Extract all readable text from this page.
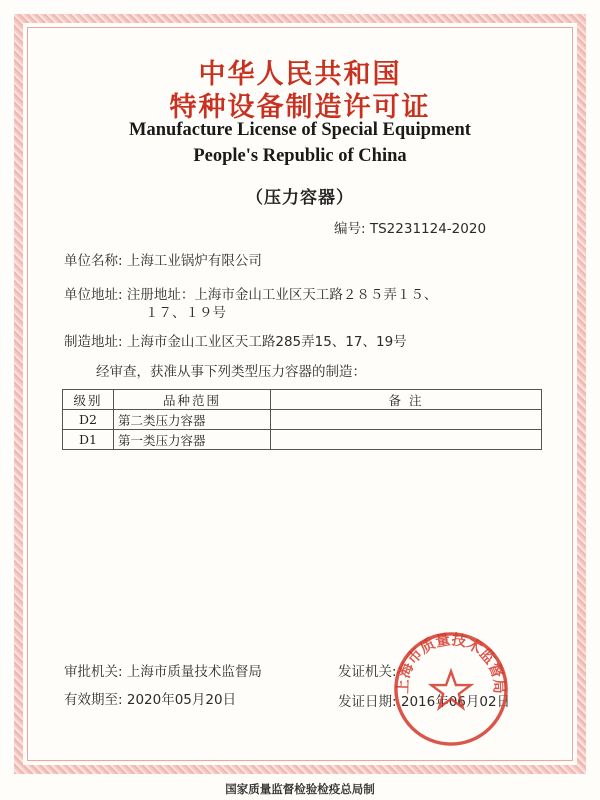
中华人民共和国
特种设备制造许可证
Manufacture License of Special Equipment
People's Republic of China
（压力容器）
编号: TS2231124-2020
单位名称: 上海工业锅炉有限公司
单位地址: 注册地址：上海市金山工业区天工路２８５弄１５、
１７、１９号
制造地址: 上海市金山工业区天工路285弄15、17、19号
经审查，获准从事下列类型压力容器的制造：
级别	品种范围	备 注
D2	第二类压力容器	
D1	第一类压力容器	

审批机关: 上海市质量技术监督局	发证机关:
有效期至: 2020年05月20日	发证日期: 2016年06月02日
上海市质量技术监督局
国家质量监督检验检疫总局制
